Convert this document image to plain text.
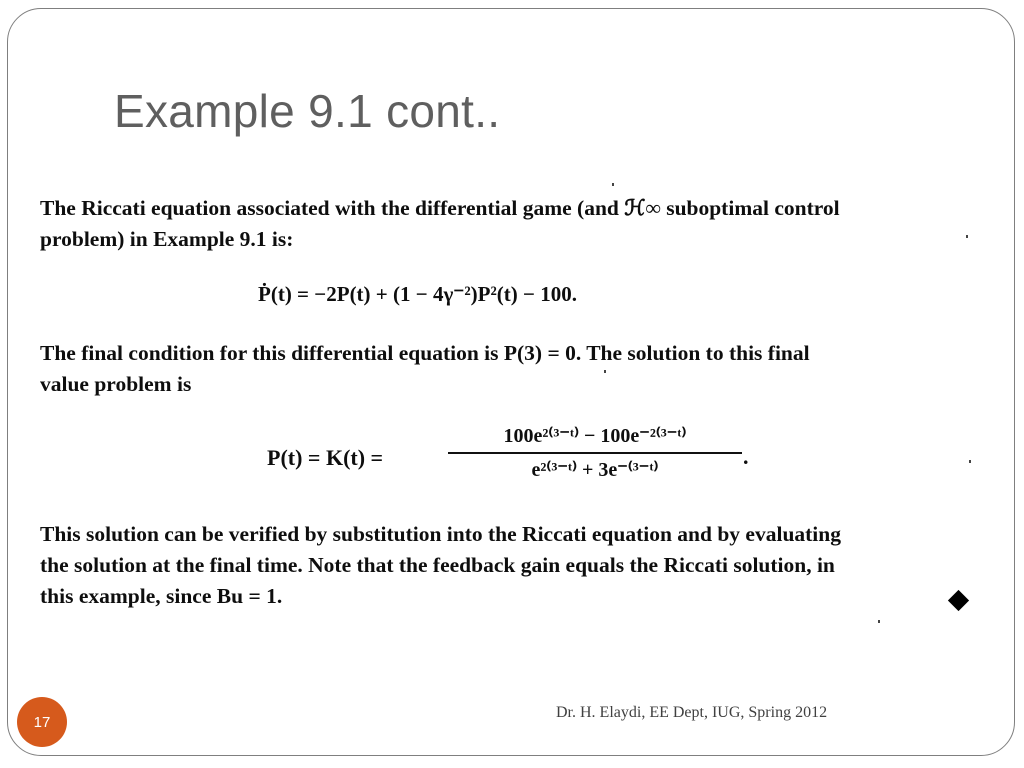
Example 9.1 cont..
The Riccati equation associated with the differential game (and ℋ∞ suboptimal control
problem) in Example 9.1 is:
Ṗ(t) = −2P(t) + (1 − 4γ⁻²)P²(t) − 100.
The final condition for this differential equation is P(3) = 0. The solution to this final
value problem is
P(t) = K(t) =
100e²⁽³⁻ᵗ⁾ − 100e⁻²⁽³⁻ᵗ⁾
e²⁽³⁻ᵗ⁾ + 3e⁻⁽³⁻ᵗ⁾
.
This solution can be verified by substitution into the Riccati equation and by evaluating
the solution at the final time. Note that the feedback gain equals the Riccati solution, in
this example, since Bu = 1.
Dr. H. Elaydi, EE Dept, IUG, Spring 2012
17
